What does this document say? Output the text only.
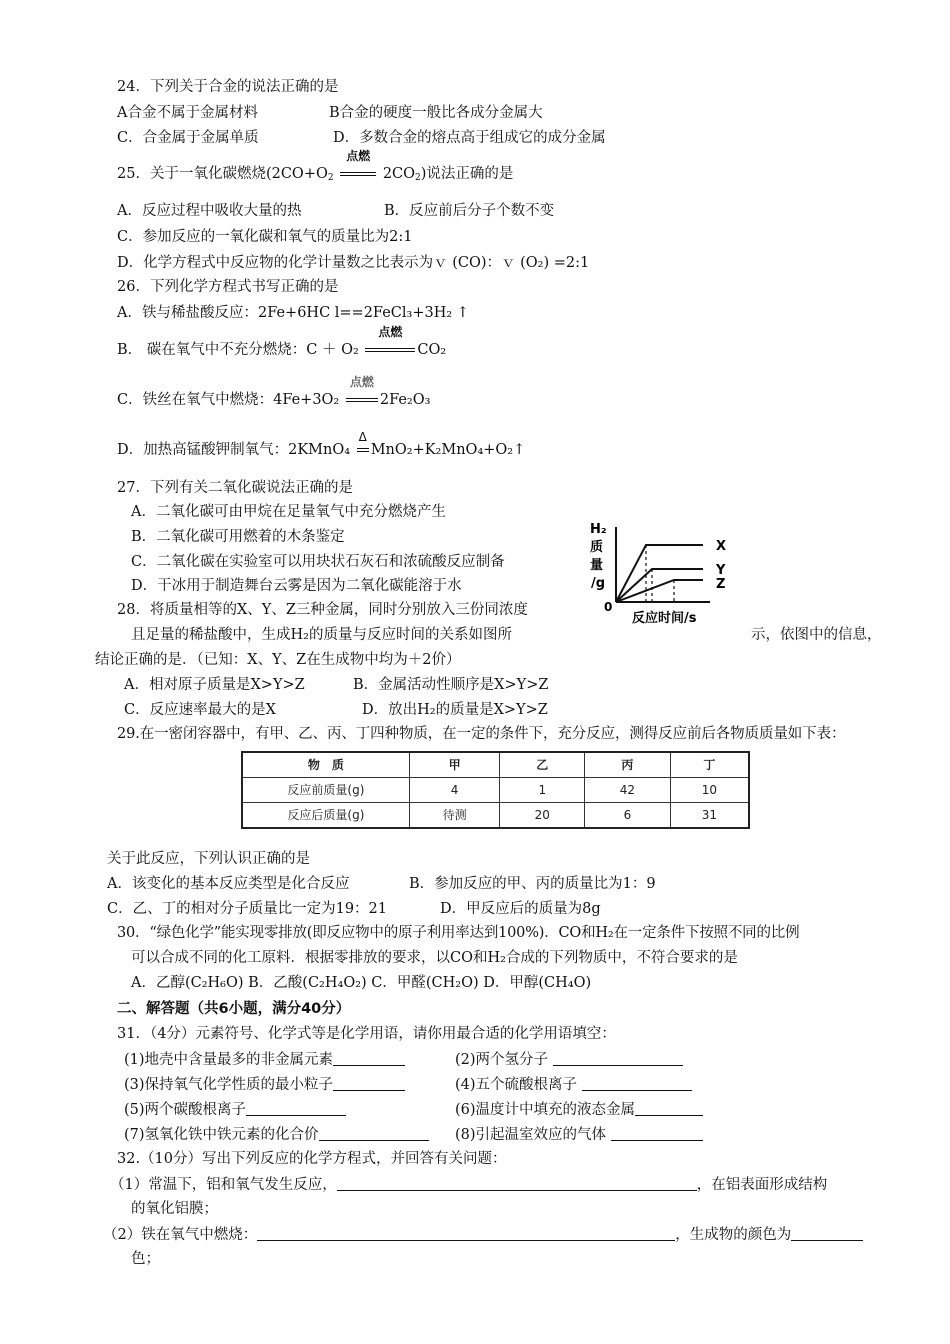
24．下列关于合金的说法正确的是
A合金不属于金属材料	B合金的硬度一般比各成分金属大
C．合金属于金属单质	D．多数合金的熔点高于组成它的成分金属
25．关于一氧化碳燃烧($2CO+O_2$
点燃
$2CO_2$)说法正确的是
A．反应过程中吸收大量的热	B．反应前后分子个数不变
C．参加反应的一氧化碳和氧气的质量比为2:1
D．化学方程式中反应物的化学计量数之比表示为ｖ (CO)：ｖ (O₂) =2:1
26．下列化学方程式书写正确的是
A．铁与稀盐酸反应：2Fe+6HC l==2FeCl₃+3H₂ ↑
B． 碳在氧气中不充分燃烧：C ＋ O₂
点燃
CO₂
C．铁丝在氧气中燃烧：4Fe+3O₂
点燃
2Fe₂O₃
D．加热高锰酸钾制氧气：2KMnO₄
Δ
MnO₂+K₂MnO₄+O₂↑
27．下列有关二氧化碳说法正确的是
A．二氧化碳可由甲烷在足量氧气中充分燃烧产生
B．二氧化碳可用燃着的木条鉴定
C．二氧化碳在实验室可以用块状石灰石和浓硫酸反应制备
D．干冰用于制造舞台云雾是因为二氧化碳能溶于水
H₂
质
量
/g
0
X
Y
Z
反应时间/s
28．将质量相等的X、Y、Z三种金属，同时分别放入三份同浓度
且足量的稀盐酸中，生成H₂的质量与反应时间的关系如图所	示，依图中的信息，
结论正确的是．（已知：X、Y、Z在生成物中均为＋2价）
A．相对原子质量是X>Y>Z	B．金属活动性顺序是X>Y>Z
C．反应速率最大的是X	D．放出H₂的质量是X>Y>Z
29.在一密闭容器中，有甲、乙、丙、丁四种物质，在一定的条件下，充分反应，测得反应前后各物质质量如下表：
物　质	甲	乙	丙	丁
反应前质量(g)	4	1	42	10
反应后质量(g)	待测	20	6	31
关于此反应，下列认识正确的是
A．该变化的基本反应类型是化合反应	B．参加反应的甲、丙的质量比为1：9
C．乙、丁的相对分子质量比一定为19：21	D．甲反应后的质量为8g
30．“绿色化学”能实现零排放(即反应物中的原子利用率达到100%)．CO和H₂在一定条件下按照不同的比例
可以合成不同的化工原料．根据零排放的要求，以CO和H₂合成的下列物质中，不符合要求的是
A．乙醇(C₂H₆O) B．乙酸(C₂H₄O₂) C．甲醛(CH₂O) D．甲醇(CH₄O)
二、解答题（共6小题，满分40分）
31．（4分）元素符号、化学式等是化学用语，请你用最合适的化学用语填空：
(1)地壳中含量最多的非金属元素	(2)两个氢分子
(3)保持氧气化学性质的最小粒子	(4)五个硫酸根离子
(5)两个碳酸根离子	(6)温度计中填充的液态金属
(7)氢氧化铁中铁元素的化合价	(8)引起温室效应的气体
32.（10分）写出下列反应的化学方程式，并回答有关问题：
（1）常温下，铝和氧气发生反应，	，在铝表面形成结构
的氧化铝膜；
（2）铁在氧气中燃烧：	，生成物的颜色为
色；
